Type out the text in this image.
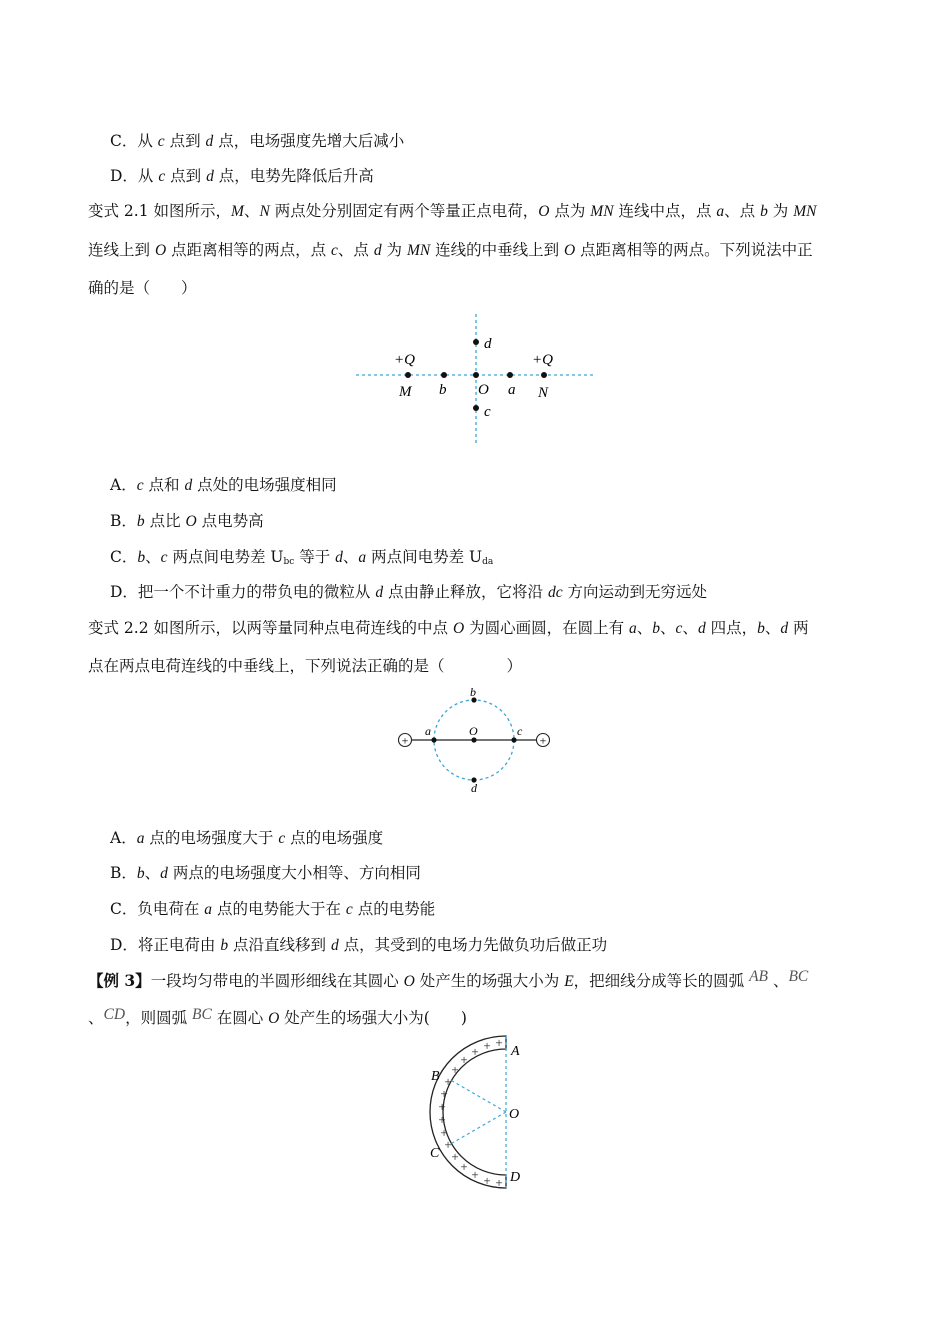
C．从 c 点到 d 点，电场强度先增大后减小
D．从 c 点到 d 点，电势先降低后升高
变式 2.1 如图所示，M、N 两点处分别固定有两个等量正点电荷，O 点为 MN 连线中点，点 a、点 b 为 MN
连线上到 O 点距离相等的两点，点 c、点 d 为 MN 连线的中垂线上到 O 点距离相等的两点。下列说法中正
确的是（　　）
+Q	+Q
M b O a N
d
c
A．c 点和 d 点处的电场强度相同
B．b 点比 O 点电势高
C．b、c 两点间电势差 $U_{bc}$ 等于 d、a 两点间电势差 $U_{da}$
D．把一个不计重力的带负电的微粒从 d 点由静止释放，它将沿 dc 方向运动到无穷远处
变式 2.2 如图所示，以两等量同种点电荷连线的中点 O 为圆心画圆，在圆上有 a、b、c、d 四点，b、d 两
点在两点电荷连线的中垂线上，下列说法正确的是（　　　　）
+	+
b
a	O	c
d
A．a 点的电场强度大于 c 点的电场强度
B．b、d 两点的电场强度大小相等、方向相同
C．负电荷在 a 点的电势能大于在 c 点的电势能
D．将正电荷由 b 点沿直线移到 d 点，其受到的电场力先做负功后做正功
【例 3】一段均匀带电的半圆形细线在其圆心 O 处产生的场强大小为 E，把细线分成等长的圆弧 AB 、BC
、CD，则圆弧 BC 在圆心 O 处产生的场强大小为(　　)
+
+
+
+
+
+
+
+
+
+
+
+
+
+ + +
A
B
O
C
D
